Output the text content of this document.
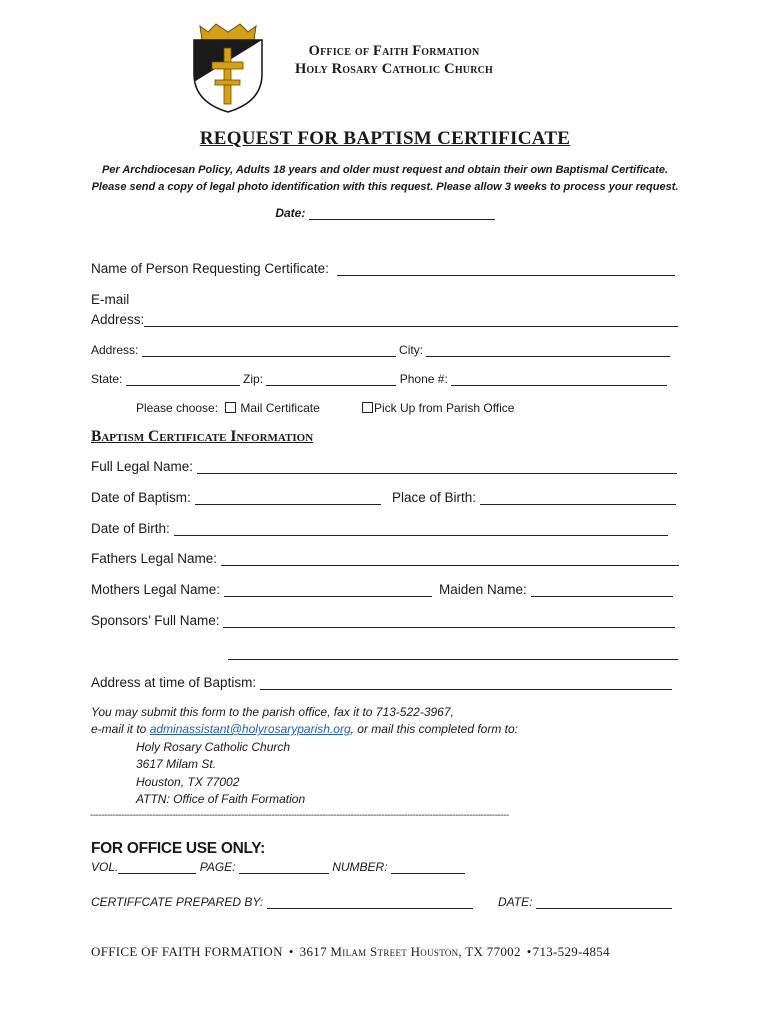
Office of Faith Formation
Holy Rosary Catholic Church
REQUEST FOR BAPTISM CERTIFICATE
Per Archdiocesan Policy, Adults 18 years and older must request and obtain their own Baptismal Certificate.
Please send a copy of legal photo identification with this request. Please allow 3 weeks to process your request.
Date:
Name of Person Requesting Certificate:
E-mail
Address:
Address:	City:
State:	Zip:	Phone #:
Please choose: Mail Certificate	Pick Up from Parish Office
Baptism Certificate Information
Full Legal Name:
Date of Baptism:	Place of Birth:
Date of Birth:
Fathers Legal Name:
Mothers Legal Name:	Maiden Name:
Sponsors’ Full Name:
Address at time of Baptism:
You may submit this form to the parish office, fax it to 713-522-3967,
e-mail it to adminassistant@holyrosaryparish.org, or mail this completed form to:
Holy Rosary Catholic Church
3617 Milam St.
Houston, TX 77002
ATTN: Office of Faith Formation
----------------------------------------------------------------------------------------------------------------------------------------------------
FOR OFFICE USE ONLY:
VOL.	PAGE:	NUMBER:
CERTIFFCATE PREPARED BY:	DATE:
OFFICE OF FAITH FORMATION • 3617 Milam Street Houston, TX 77002 •713-529-4854
